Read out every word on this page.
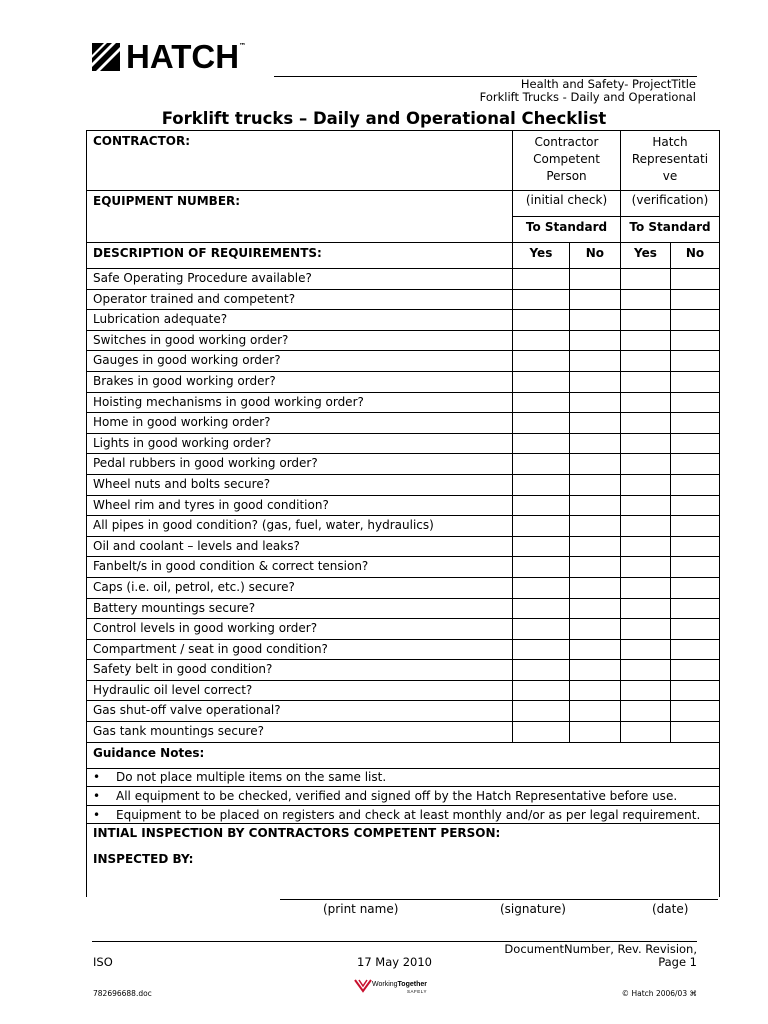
HATCH ™
Health and Safety- ProjectTitle
Forklift Trucks - Daily and Operational
Forklift trucks – Daily and Operational Checklist
CONTRACTOR:	Contractor Competent Person		Hatch
Representati
ve	

EQUIPMENT NUMBER:	(initial check)		(verification)	
	To Standard		To Standard	
DESCRIPTION OF REQUIREMENTS:	Yes	No	Yes	No
Safe Operating Procedure available?				
Operator trained and competent?				
Lubrication adequate?				
Switches in good working order?				
Gauges in good working order?				
Brakes in good working order?				
Hoisting mechanisms in good working order?				
Home in good working order?				
Lights in good working order?				
Pedal rubbers in good working order?				
Wheel nuts and bolts secure?				
Wheel rim and tyres in good condition?				
All pipes in good condition? (gas, fuel, water, hydraulics)				
Oil and coolant – levels and leaks?				
Fanbelt/s in good condition & correct tension?				
Caps (i.e. oil, petrol, etc.) secure?				
Battery mountings secure?				
Control levels in good working order?				
Compartment / seat in good condition?				
Safety belt in good condition?				
Hydraulic oil level correct?				
Gas shut-off valve operational?				
Gas tank mountings secure?				
Guidance Notes:				

• Do not place multiple items on the same list.				

• All equipment to be checked, verified and signed off by the Hatch Representative before use.				

• Equipment to be placed on registers and check at least monthly and/or as per legal requirement.				

INTIAL INSPECTION BY CONTRACTORS COMPETENT PERSON:
INSPECTED BY:				
(print name)	(signature)	(date)
DocumentNumber, Rev. Revision,
ISO	17 May 2010	Page 1
782696688.doc
WorkingTogether
SAFELY	© Hatch 2006/03 ⌘
